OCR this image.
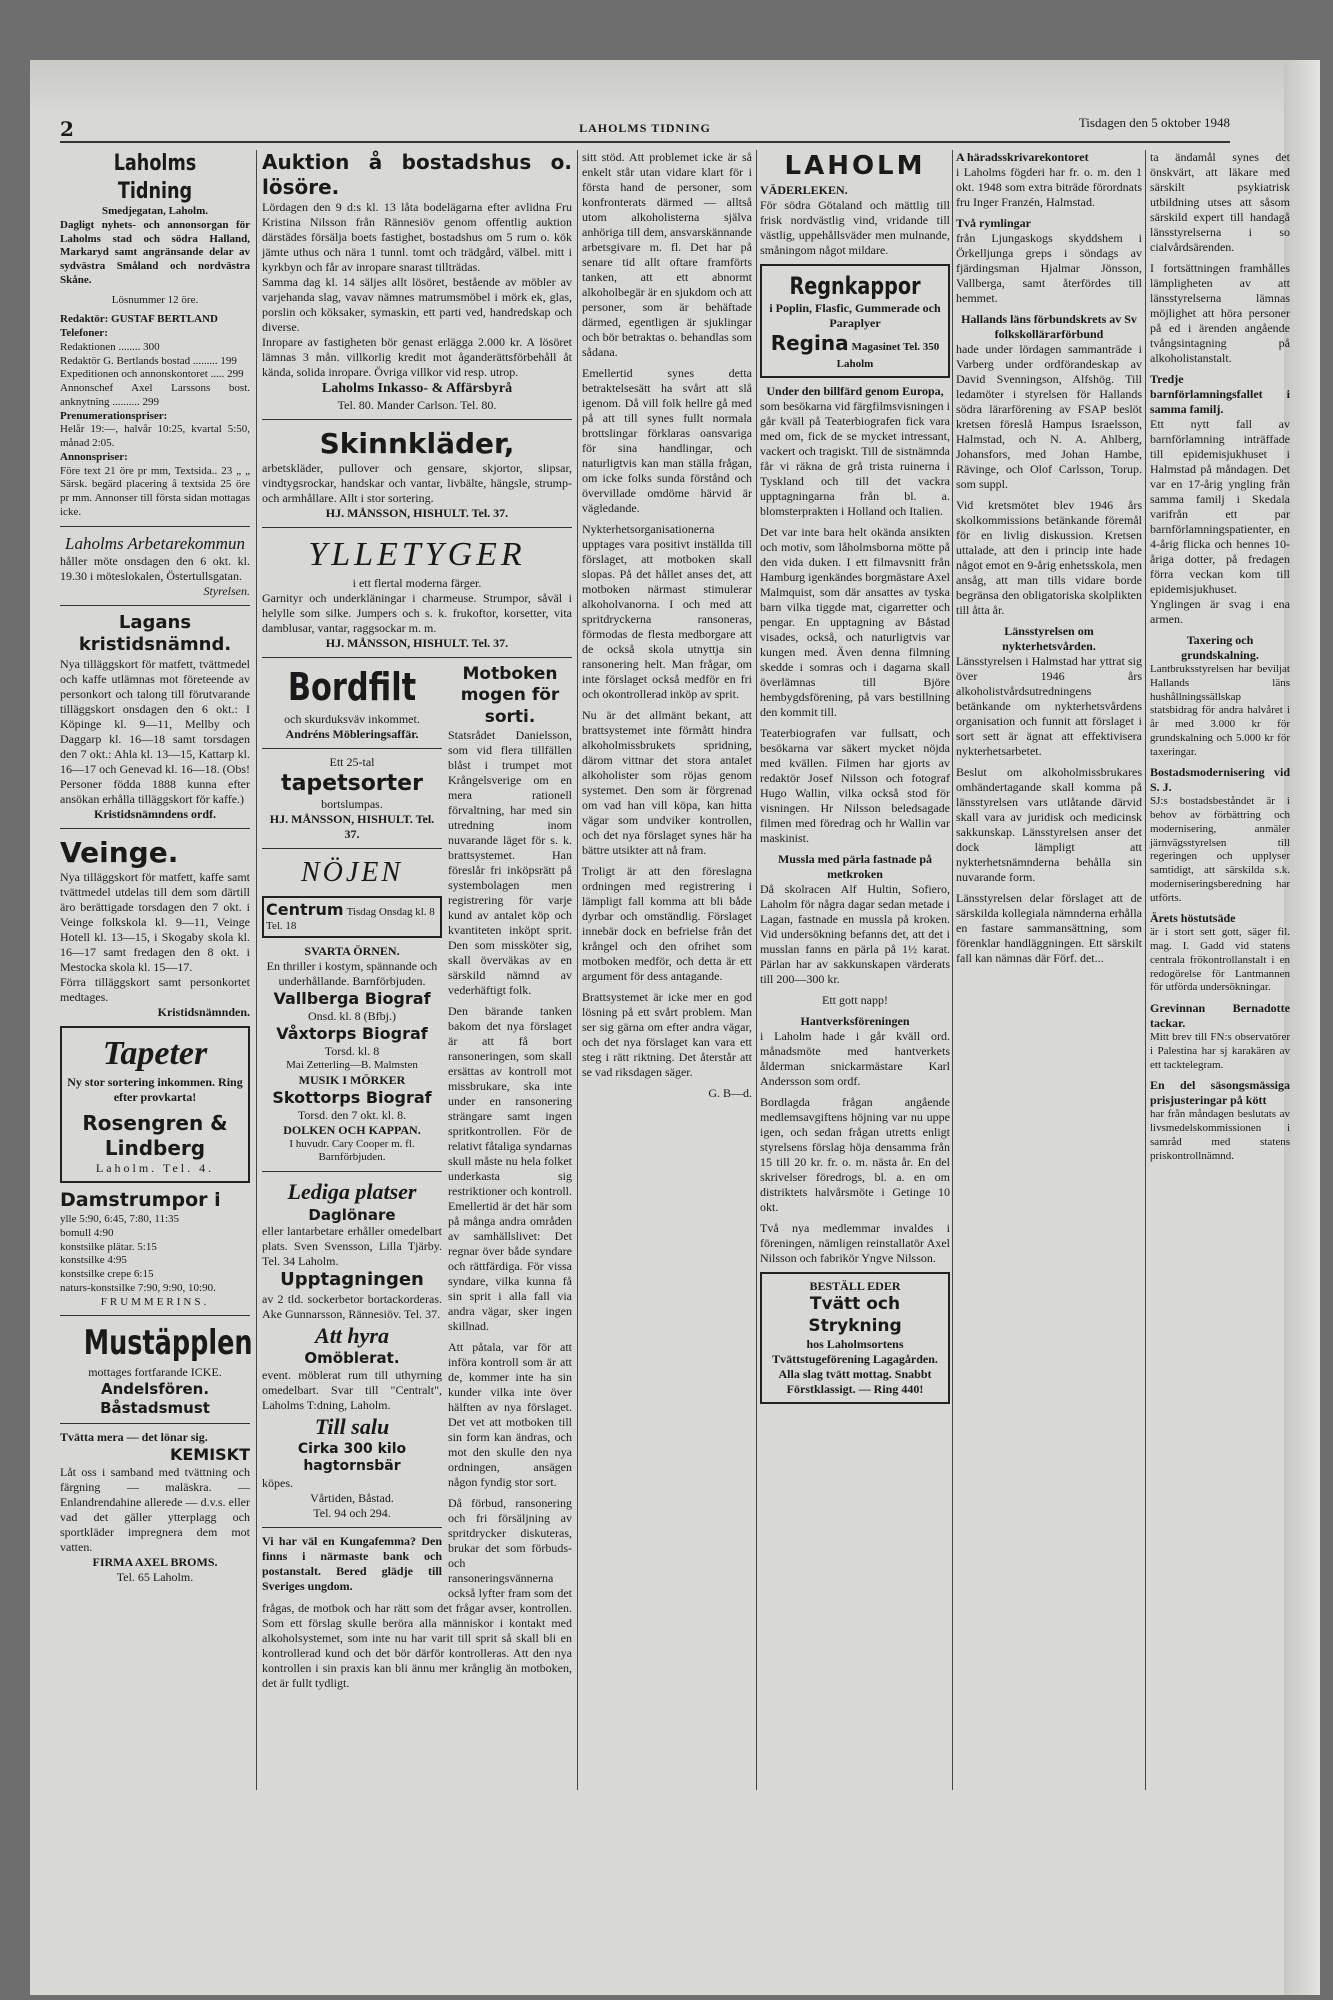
2	LAHOLMS TIDNING	Tisdagen den 5 oktober 1948
Laholms Tidning
Smedjegatan, Laholm.

Dagligt nyhets- och annonsorgan för Laholms stad och södra Halland, Markaryd samt angränsande delar av sydvästra Småland och nordvästra Skåne.

Lösnummer 12 öre.

Redaktör: GUSTAF BERTLAND
Telefoner:
Redaktionen ........ 300
Redaktör G. Bertlands bostad ......... 199
Expeditionen och annonskontoret ..... 299
Annonschef Axel Larssons bost. anknytning .......... 299
Prenumerationspriser:
Helår 19:—, halvår 10:25, kvartal 5:50, månad 2:05.
Annonspriser:

Före text 21 öre pr mm, Textsida.. 23 „ „ Särsk. begärd placering å textsida 25 öre pr mm. Annonser till första sidan mottagas icke.

Laholms Arbetarekommun
håller möte onsdagen den 6 okt. kl. 19.30 i möteslokalen, Östertullsgatan.

Styrelsen.

Lagans kristidsnämnd.
Nya tilläggskort för matfett, tvättmedel och kaffe utlämnas mot företeende av personkort och talong till förutvarande tilläggskort onsdagen den 6 okt.: I Köpinge kl. 9—11, Mellby och Daggarp kl. 16—18 samt torsdagen den 7 okt.: Ahla kl. 13—15, Kattarp kl. 16—17 och Genevad kl. 16—18. (Obs! Personer födda 1888 kunna efter ansökan erhålla tilläggskort för kaffe.)

Kristidsnämndens ordf.

Veinge.
Nya tilläggskort för matfett, kaffe samt tvättmedel utdelas till dem som därtill äro berättigade torsdagen den 7 okt. i Veinge folkskola kl. 9—11, Veinge Hotell kl. 13—15, i Skogaby skola kl. 16—17 samt fredagen den 8 okt. i Mestocka skola kl. 15—17.
Förra tilläggskort samt personkortet medtages.

Kristidsnämnden.

Tapeter
Ny stor sortering inkommen. Ring efter provkarta!
Rosengren & Lindberg
Laholm. Tel. 4.
Damstrumpor i
ylle 5:90, 6:45, 7:80, 11:35
bomull 4:90
konstsilke plätar. 5:15
konstsilke 4:95
konstsilke crepe 6:15
naturs-konstsilke 7:90, 9:90, 10:90.
FRUMMERINS.
Mustäpplen
mottages fortfarande ICKE.
Andelsfören. Båstadsmust
Tvätta mera — det lönar sig.
KEMISKT
Låt oss i samband med tvättning och färgning — maläskra. — Enlandrendahine allerede — d.v.s. eller vad det gäller ytterplagg och sportkläder impregnera dem mot vatten.
FIRMA AXEL BROMS.
Tel. 65 Laholm.
Auktion å bostadshus o. lösöre.
Lördagen den 9 d:s kl. 13 låta bodelägarna efter avlidna Fru Kristina Nilsson från Rännesiöv genom offentlig auktion därstädes försälja boets fastighet, bostadshus om 5 rum o. kök jämte uthus och nära 1 tunnl. tomt och trädgård, välbel. mitt i kyrkbyn och får av inropare snarast tillträdas.
Samma dag kl. 14 säljes allt lösöret, bestående av möbler av varjehanda slag, vavav nämnes matrumsmöbel i mörk ek, glas, porslin och köksaker, symaskin, ett parti ved, handredskap och diverse.
Inropare av fastigheten bör genast erlägga 2.000 kr. A lösöret lämnas 3 mån. villkorlig kredit mot åganderättsförbehåll åt kända, solida inropare. Övriga villkor vid resp. utrop.
Laholms Inkasso- & Affärsbyrå
Tel. 80. Mander Carlson. Tel. 80.
Skinnkläder,
arbetskläder, pullover och gensare, skjortor, slipsar, vindtygsrockar, handskar och vantar, livbälte, hängsle, strump- och armhållare. Allt i stor sortering.
HJ. MÅNSSON, HISHULT. Tel. 37.
YLLETYGER
i ett flertal moderna färger.
Garnityr och underkläningar i charmeuse. Strumpor, såväl i helylle som silke. Jumpers och s. k. frukoftor, korsetter, vita damblusar, vantar, raggsockar m. m.
HJ. MÅNSSON, HISHULT. Tel. 37.
Bordfilt
och skurduksväv inkommet.
Andréns Möbleringsaffär.
Ett 25-tal
tapetsorter
bortslumpas.
HJ. MÅNSSON, HISHULT. Tel. 37.
NÖJEN
Centrum Tisdag Onsdag kl. 8
Tel. 18
SVARTA ÖRNEN.
En thriller i kostym, spännande och underhållande. Barnförbjuden.
Vallberga Biograf
Onsd. kl. 8 (Bfbj.)
Våxtorps Biograf
Torsd. kl. 8
Mai Zetterling—B. Malmsten
MUSIK I MÖRKER
Skottorps Biograf
Torsd. den 7 okt. kl. 8.
DOLKEN OCH KAPPAN.
I huvudr. Cary Cooper m. fl. Barnförbjuden.
Lediga platser
Daglönare
eller lantarbetare erhåller omedelbart plats. Sven Svensson, Lilla Tjärby. Tel. 34 Laholm.
Upptagningen
av 2 tld. sockerbetor bortackorderas. Ake Gunnarsson, Rännesiöv. Tel. 37.
Att hyra
Omöblerat.
event. möblerat rum till uthyrning omedelbart. Svar till "Centralt", Laholms T:dning, Laholm.
Till salu
Cirka 300 kilo hagtornsbär
köpes.
Vårtiden, Båstad.
Tel. 94 och 294.
Vi har väl en Kungafemma? Den finns i närmaste bank och postanstalt. Bered glädje till Sveriges ungdom.
Motboken mogen för sorti.

Statsrådet Danielsson, som vid flera tillfällen blåst i trumpet mot Krångelsverige om en mera rationell förvaltning, har med sin utredning inom nuvarande läget för s. k. brattsystemet. Han föreslår fri inköpsrätt på systembolagen men registrering för varje kund av antalet köp och kvantiteten inköpt sprit. Den som missköter sig, skall överväkas av en särskild nämnd av vederhäftigt folk.

Den bärande tanken bakom det nya förslaget är att få bort ransoneringen, som skall ersättas av kontroll mot missbrukare, ska inte under en ransonering strängare samt ingen spritkontrollen. För de relativt fåtaliga syndarnas skull måste nu hela folket underkasta sig restriktioner och kontroll. Emellertid är det här som på många andra områden av samhällslivet: Det regnar över både syndare och rättfärdiga. För vissa syndare, vilka kunna få sin sprit i alla fall via andra vägar, sker ingen skillnad.

Att påtala, var för att införa kontroll som är att de, kommer inte ha sin kunder vilka inte över hälften av nya förslaget. Det vet att motboken till sin form kan ändras, och mot den skulle den nya ordningen, ansägen någon fyndig stor sort.

Då förbud, ransonering och fri försäljning av spritdrycker diskuteras, brukar det som förbuds- och ransoneringsvännerna också lyfter fram som det frågas, de motbok och har rätt som det frågar avser, kontrollen. Som ett förslag skulle beröra alla människor i kontakt med alkoholsystemet, som inte nu har varit till sprit så skall bli en kontrollerad kund och det bör därför kontrolleras. Att den nya kontrollen i sin praxis kan bli ännu mer krånglig än motboken, det är fullt tydligt.

sitt stöd. Att problemet icke är så enkelt står utan vidare klart för i första hand de personer, som konfronterats därmed — alltså utom alkoholisterna själva anhöriga till dem, ansvarskännande arbetsgivare m. fl. Det har på senare tid allt oftare framförts tanken, att ett abnormt alkoholbegär är en sjukdom och att personer, som är behäftade därmed, egentligen är sjuklingar och bör betraktas o. behandlas som sådana.

Emellertid synes detta betraktelsesätt ha svårt att slå igenom. Då vill folk hellre gå med på att till synes fullt normala brottslingar förklaras oansvariga för sina handlingar, och naturligtvis kan man ställa frågan, om icke folks sunda förstånd och övervillade omdöme härvid är vägledande.

Nykterhetsorganisationerna upptages vara positivt inställda till förslaget, att motboken skall slopas. På det hållet anses det, att motboken närmast stimulerar alkoholvanorna. I och med att spritdryckerna ransoneras, förmodas de flesta medborgare att de också skola utnyttja sin ransonering helt. Man frågar, om inte förslaget också medför en fri och okontrollerad inköp av sprit.

Nu är det allmänt bekant, att brattsystemet inte förmått hindra alkoholmissbrukets spridning, därom vittnar det stora antalet alkoholister som röjas genom systemet. Den som är förgrenad om vad han vill köpa, kan hitta vägar som undviker kontrollen, och det nya förslaget synes här ha bättre utsikter att nå fram.

Troligt är att den föreslagna ordningen med registrering i lämpligt fall komma att bli både dyrbar och omständlig. Förslaget innebär dock en befrielse från det krångel och den ofrihet som motboken medför, och detta är ett argument för dess antagande.

Brattsystemet är icke mer en god lösning på ett svårt problem. Man ser sig gärna om efter andra vägar, och det nya förslaget kan vara ett steg i rätt riktning. Det återstår att se vad riksdagen säger.

G. B—d.

LAHOLM
VÄDERLEKEN.

För södra Götaland och mättlig till frisk nordvästlig vind, vridande till västlig, uppehållsväder men mulnande, småningom något mildare.

Regnkappor
i Poplin, Flasfic, Gummerade och Paraplyer
Regina Magasinet Tel. 350 Laholm
Under den billfärd genom Europa,

som besökarna vid färgfilmsvisningen i går kväll på Teaterbiografen fick vara med om, fick de se mycket intressant, vackert och tragiskt. Till de sistnämnda får vi räkna de grå trista ruinerna i Tyskland och till det vackra upptagningarna från bl. a. blomsterprakten i Holland och Italien.

Det var inte bara helt okända ansikten och motiv, som låholmsborna mötte på den vida duken. I ett filmavsnitt från Hamburg igenkändes borgmästare Axel Malmquist, som där ansattes av tyska barn vilka tiggde mat, cigarretter och pengar. En upptagning av Båstad visades, också, och naturligtvis var kungen med. Även denna filmning skedde i somras och i dagarna skall överlämnas till Björe hembygdsförening, på vars bestillning den kommit till.

Teaterbiografen var fullsatt, och besökarna var säkert mycket nöjda med kvällen. Filmen har gjorts av redaktör Josef Nilsson och fotograf Hugo Wallin, vilka också stod för visningen. Hr Nilsson beledsagade filmen med föredrag och hr Wallin var maskinist.

Mussla med pärla fastnade på metkroken

Då skolracen Alf Hultin, Sofiero, Laholm för några dagar sedan metade i Lagan, fastnade en mussla på kroken. Vid undersökning befanns det, att det i musslan fanns en pärla på 1½ karat. Pärlan har av sakkunskapen värderats till 200—300 kr.

Ett gott napp!

Hantverksföreningen

i Laholm hade i går kväll ord. månadsmöte med hantverkets ålderman snickarmästare Karl Andersson som ordf.

Bordlagda frågan angående medlemsavgiftens höjning var nu uppe igen, och sedan frågan utretts enligt styrelsens förslag höja densamma från 15 till 20 kr. fr. o. m. nästa år. En del skrivelser föredrogs, bl. a. en om distriktets halvårsmöte i Getinge 10 okt.

Två nya medlemmar invaldes i föreningen, nämligen reinstallatör Axel Nilsson och fabrikör Yngve Nilsson.

BESTÄLL EDER
Tvätt och Strykning
hos Laholmsortens Tvättstugeförening Lagagården. Alla slag tvätt mottag. Snabbt Förstklassigt. — Ring 440!
A häradsskrivarekontoret

i Laholms fögderi har fr. o. m. den 1 okt. 1948 som extra biträde förordnats fru Inger Franzén, Halmstad.

Två rymlingar

från Ljungaskogs skyddshem i Örkelljunga greps i söndags av fjärdingsman Hjalmar Jönsson, Vallberga, samt återfördes till hemmet.

Hallands läns förbundskrets av Sv folkskollärarförbund

hade under lördagen sammanträde i Varberg under ordförandeskap av David Svenningson, Alfshög. Till ledamöter i styrelsen för Hallands södra lärarförening av FSAP beslöt kretsen föreslå Hampus Israelsson, Halmstad, och N. A. Ahlberg, Johansfors, med Johan Hambe, Rävinge, och Olof Carlsson, Torup. som suppl.

Vid kretsmötet blev 1946 års skolkommissions betänkande föremål för en livlig diskussion. Kretsen uttalade, att den i princip inte hade något emot en 9-årig enhetsskola, men ansåg, att man tills vidare borde begränsa den obligatoriska skolplikten till åtta år.

Länsstyrelsen om nykterhetsvården.

Länsstyrelsen i Halmstad har yttrat sig över 1946 års alkoholistvårdsutredningens betänkande om nykterhetsvårdens organisation och funnit att förslaget i sort sett är ägnat att effektivisera nykterhetsarbetet.

Beslut om alkoholmissbrukares omhändertagande skall komma på länsstyrelsen vars utlåtande därvid skall vara av juridisk och medicinsk sakkunskap. Länsstyrelsen anser det dock lämpligt att nykterhetsnämnderna behålla sin nuvarande form.

Länsstyrelsen delar förslaget att de särskilda kollegiala nämnderna erhålla en fastare sammansättning, som förenklar handläggningen. Ett särskilt fall kan nämnas där Förf. det...

ta ändamål synes det önskvärt, att läkare med särskilt psykiatrisk utbildning utses att såsom särskild expert till handagå länsstyrelserna i so cialvårdsärenden.

I fortsättningen framhålles lämpligheten av att länsstyrelserna lämnas möjlighet att höra personer på ed i ärenden angående tvångsintagning på alkoholistanstalt.

Tredje barnförlamningsfallet i samma familj.

Ett nytt fall av barnförlamning inträffade till epidemisjukhuset i Halmstad på måndagen. Det var en 17-årig yngling från samma familj i Skedala varifrån ett par barnförlamningspatienter, en 4-årig flicka och hennes 10-åriga dotter, på fredagen förra veckan kom till epidemisjukhuset. Ynglingen är svag i ena armen.

Taxering och grundskalning.

Lantbruksstyrelsen har beviljat Hallands läns hushållningssällskap statsbidrag för andra halvåret i år med 3.000 kr för grundskalning och 5.000 kr för taxeringar.

Bostadsmodernisering vid S. J.

SJ:s bostadsbeståndet är i behov av förbättring och modernisering, anmäler järnvägsstyrelsen till regeringen och upplyser samtidigt, att särskilda s.k. moderniseringsberedning har utförts.

Ärets höstutsäde

är i stort sett gott, säger fil. mag. I. Gadd vid statens centrala frökontrollanstalt i en redogörelse för Lantmannen för utförda undersökningar.

Grevinnan Bernadotte tackar.

Mitt brev till FN:s observatörer i Palestina har sj karakären av ett tacktelegram.

En del säsongsmässiga prisjusteringar på kött

har från måndagen beslutats av livsmedelskommissionen i samråd med statens priskontrollnämnd.
